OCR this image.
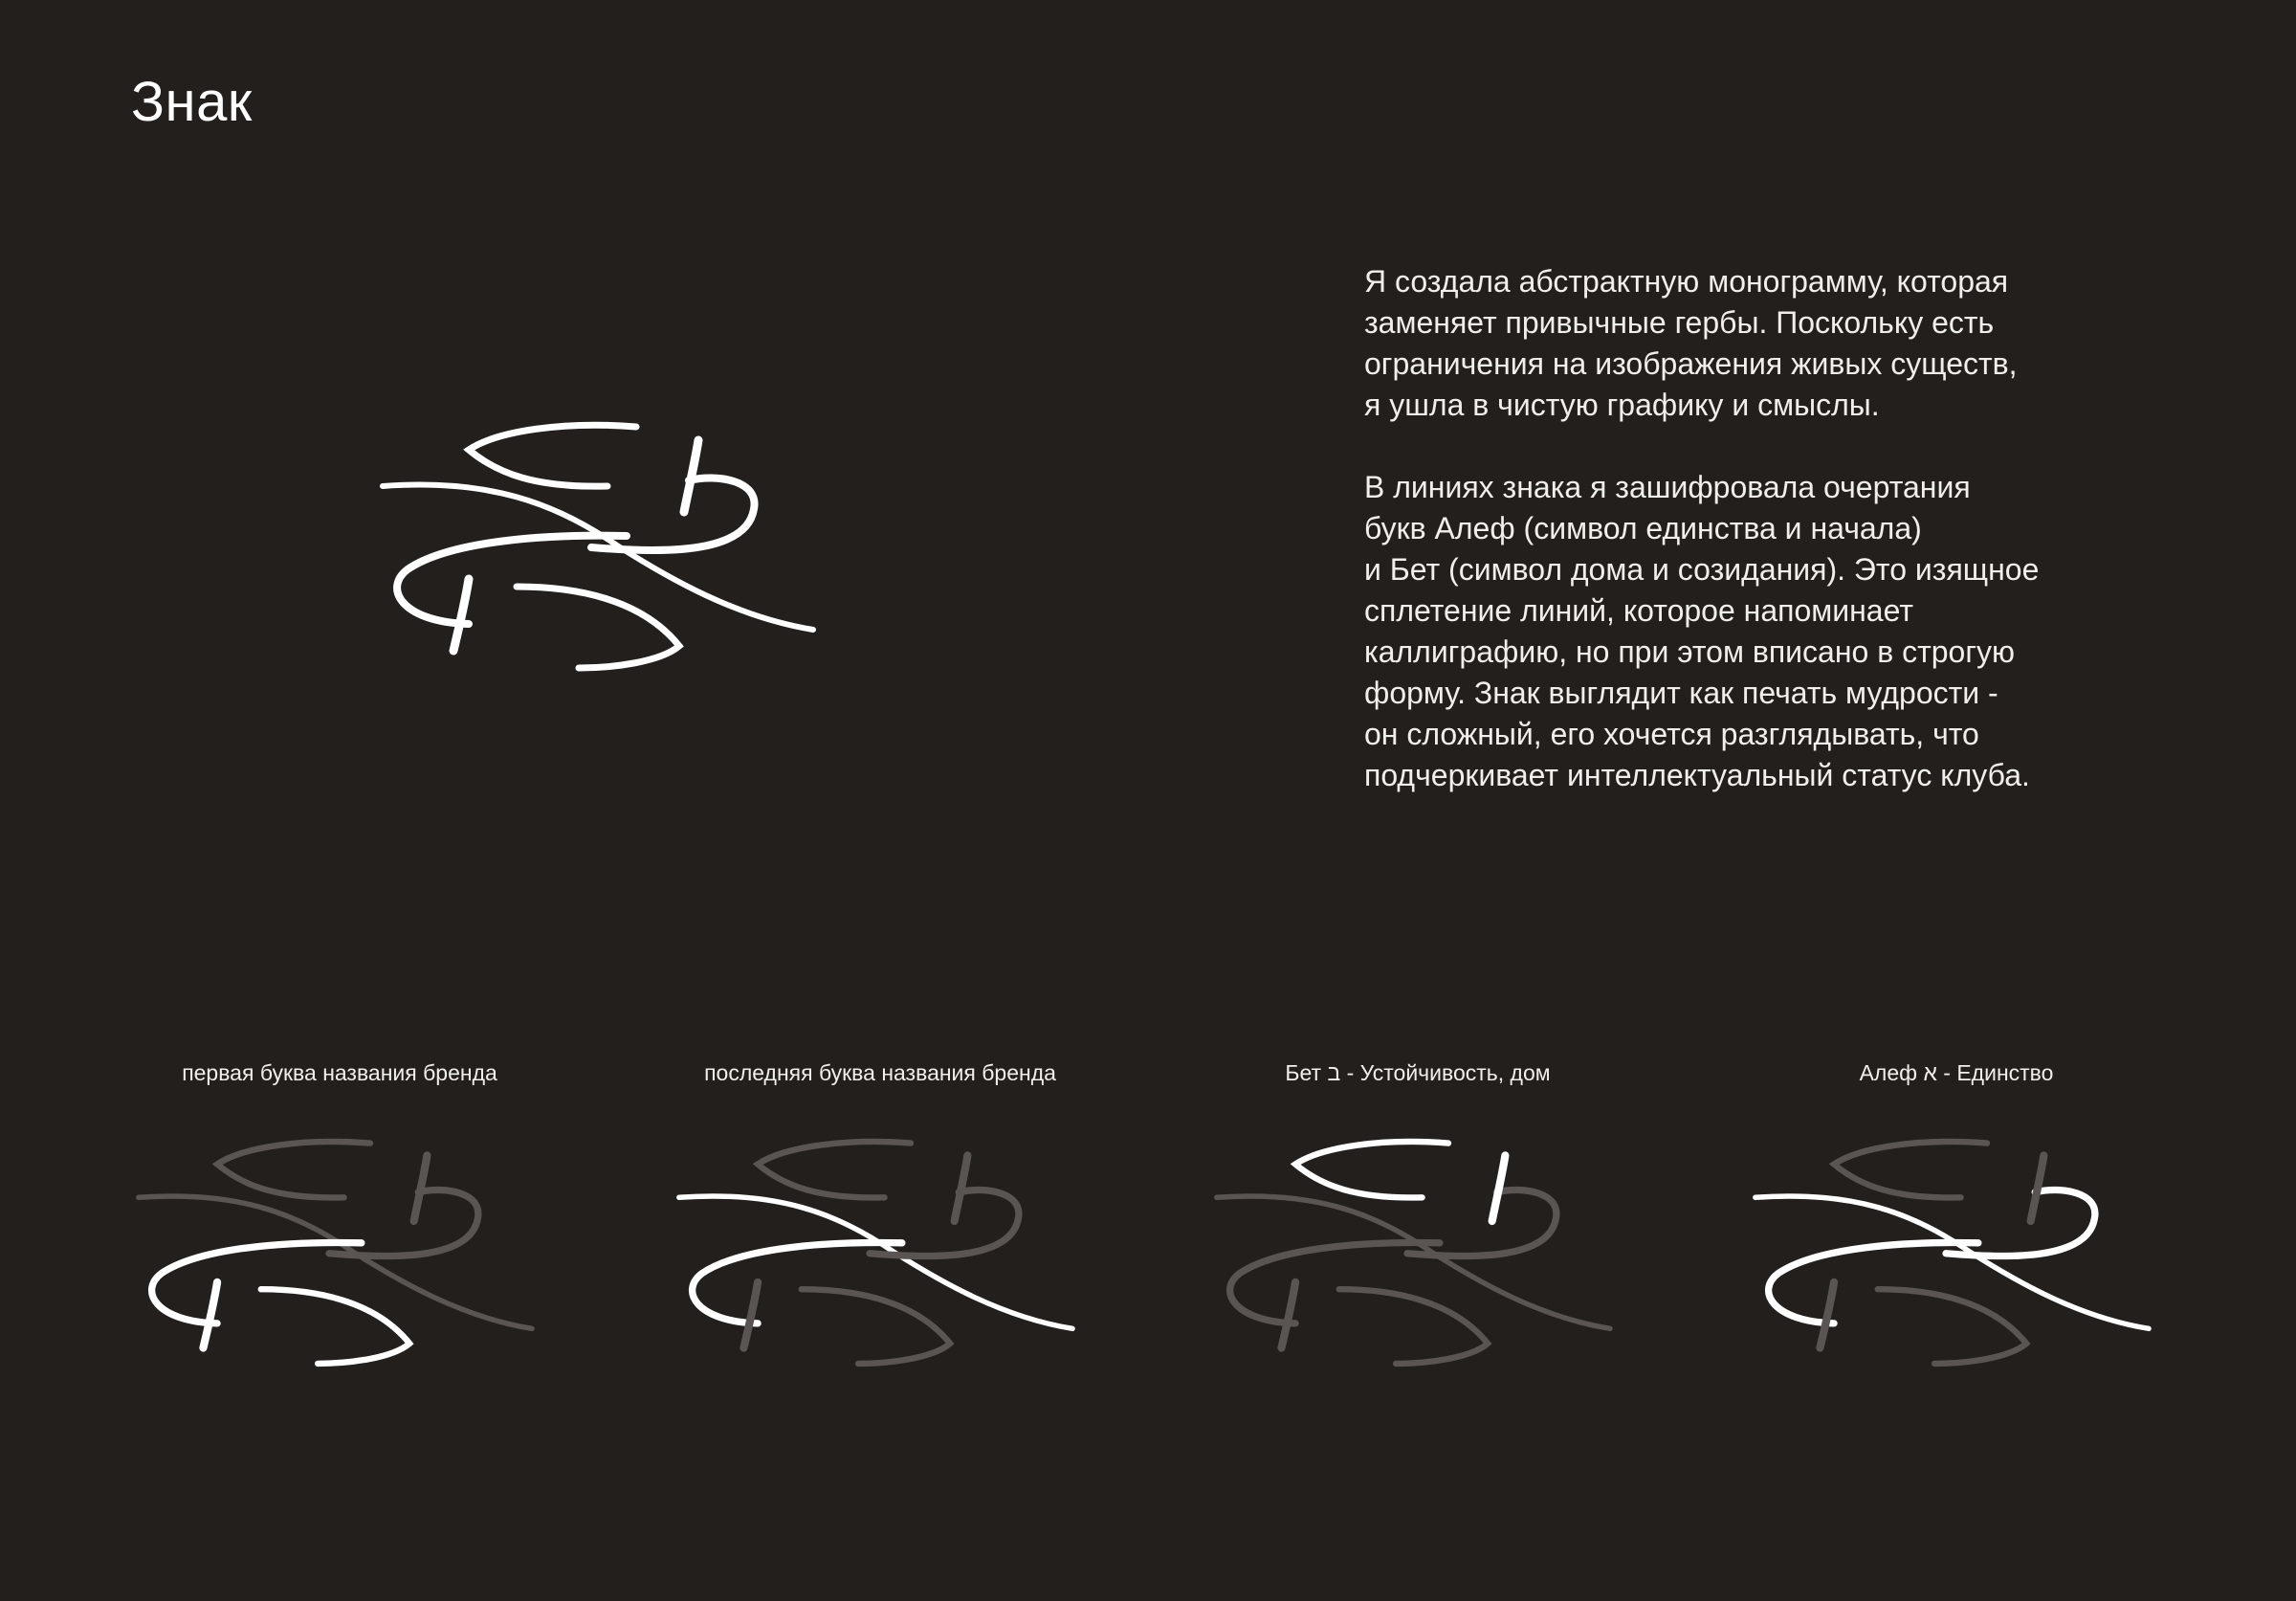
Знак

Я создала абстрактную монограмму, которая
заменяет привычные гербы. Поскольку есть
ограничения на изображения живых существ,
я ушла в чистую графику и смыслы.

В линиях знака я зашифровала очертания
букв Алеф (символ единства и начала)
и Бет (символ дома и созидания). Это изящное
сплетение линий, которое напоминает
каллиграфию, но при этом вписано в строгую
форму. Знак выглядит как печать мудрости -
он сложный, его хочется разглядывать, что
подчеркивает интеллектуальный статус клуба.

первая буква названия бренда	последняя буква названия бренда	Бет ב - Устойчивость, дом	Алеф א - Единство
